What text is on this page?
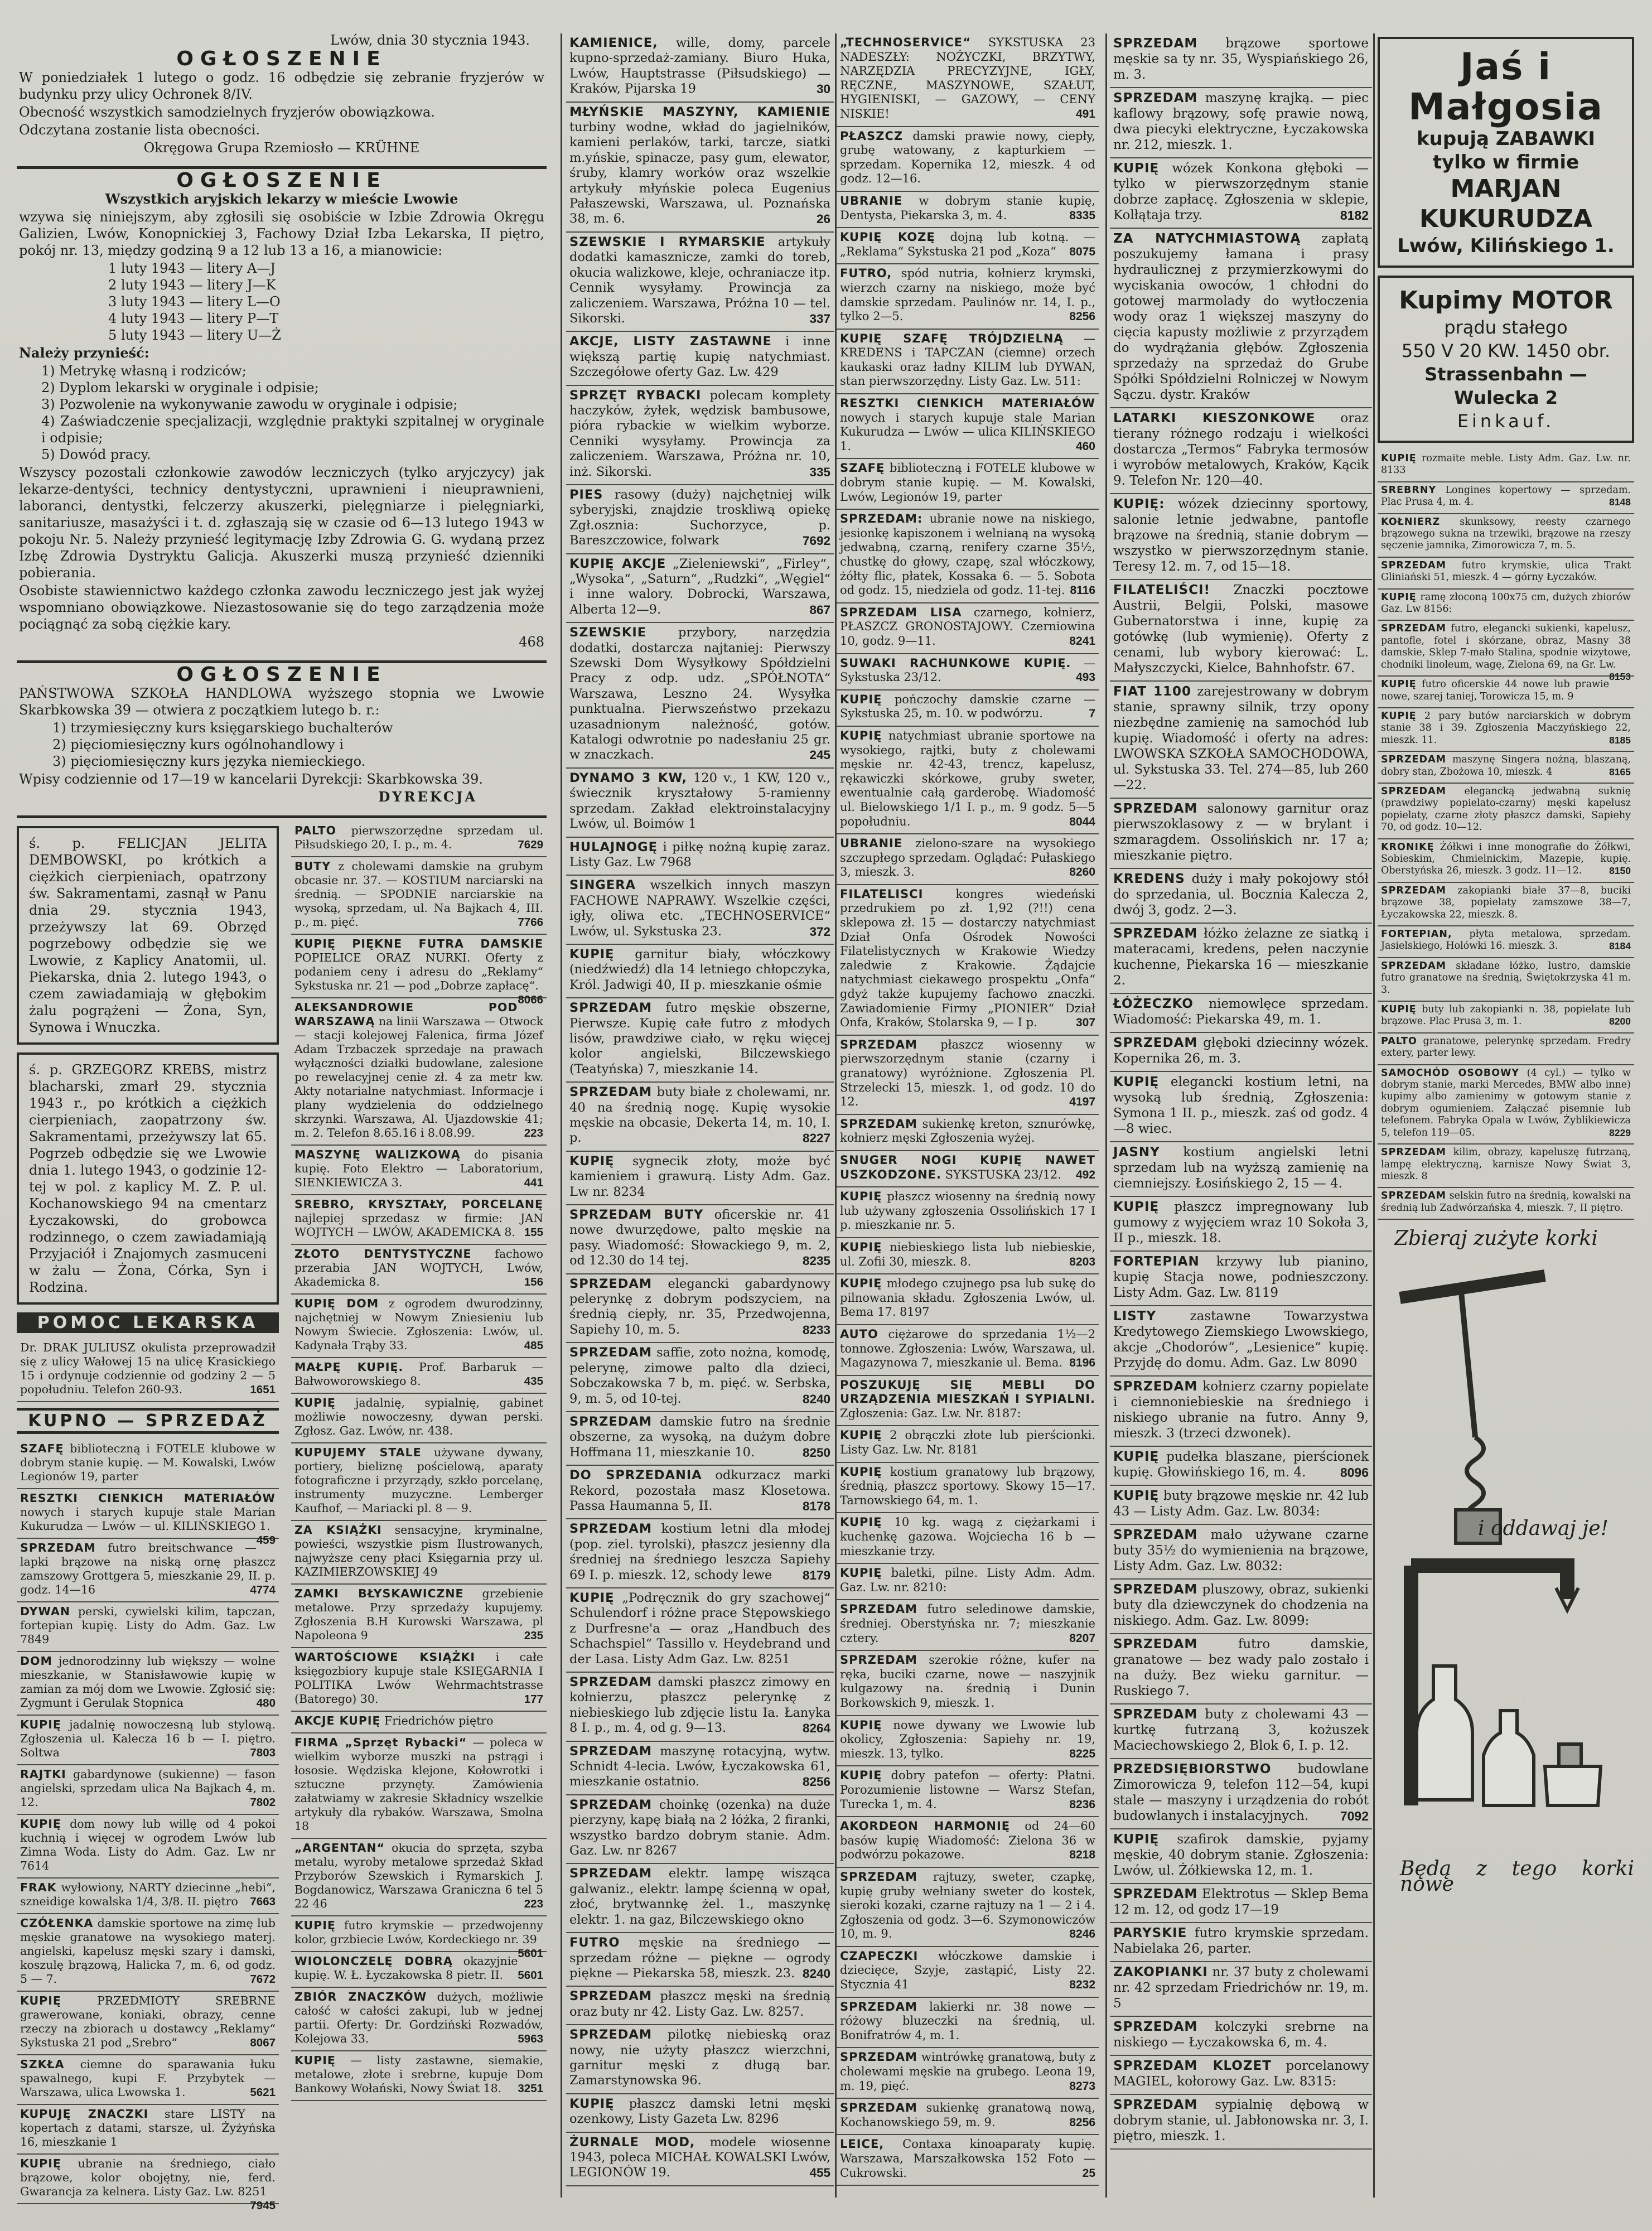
Lwów, dnia 30 stycznia 1943.
OGŁOSZENIE

W poniedziałek 1 lutego o godz. 16 odbędzie się zebranie fryzjerów w budynku przy ulicy Ochronek 8/IV.

Obecność wszystkich samodzielnych fryzjerów obowiązkowa.

Odczytana zostanie lista obecności.

Okręgowa Grupa Rzemiosło — KRÜHNE

OGŁOSZENIE

Wszystkich aryjskich lekarzy w mieście Lwowie

wzywa się niniejszym, aby zgłosili się osobiście w Izbie Zdrowia Okręgu Galizien, Lwów, Konopnickiej 3, Fachowy Dział Izba Lekarska, II piętro, pokój nr. 13, między godziną 9 a 12 lub 13 a 16, a mianowicie:

1 luty 1943 — litery A—J
2 luty 1943 — litery J—K
3 luty 1943 — litery L—O
4 luty 1943 — litery P—T
5 luty 1943 — litery U—Ż

Należy przynieść:

1) Metrykę własną i rodziców;
2) Dyplom lekarski w oryginale i odpisie;
3) Pozwolenie na wykonywanie zawodu w oryginale i odpisie;
4) Zaświadczenie specjalizacji, względnie praktyki szpitalnej w oryginale i odpisie;
5) Dowód pracy.

Wszyscy pozostali członkowie zawodów leczniczych (tylko aryjczycy) jak lekarze-dentyści, technicy dentystyczni, uprawnieni i nieuprawnieni, laboranci, dentystki, felczerzy akuszerki, pielęgniarze i pielęgniarki, sanitariusze, masażyści i t. d. zgłaszają się w czasie od 6—13 lutego 1943 w pokoju Nr. 5. Należy przynieść legitymację Izby Zdrowia G. G. wydaną przez Izbę Zdrowia Dystryktu Galicja. Akuszerki muszą przynieść dzienniki pobierania.

Osobiste stawiennictwo każdego członka zawodu leczniczego jest jak wyżej wspomniano obowiązkowe. Niezastosowanie się do tego zarządzenia może pociągnąć za sobą ciężkie kary.

468

OGŁOSZENIE

PAŃSTWOWA SZKOŁA HANDLOWA wyższego stopnia we Lwowie Skarbkowska 39 — otwiera z początkiem lutego b. r.:

1) trzymiesięczny kurs księgarskiego buchalterów
2) pięciomiesięczny kurs ogólnohandlowy i
3) pięciomiesięczny kurs języka niemieckiego.

Wpisy codziennie od 17—19 w kancelarii Dyrekcji: Skarbkowska 39.

DYREKCJA

ś. p. FELICJAN JELITA DEMBOWSKI, po krótkich a ciężkich cierpieniach, opatrzony św. Sakramentami, zasnął w Panu dnia 29. stycznia 1943, przeżywszy lat 69. Obrzęd pogrzebowy odbędzie się we Lwowie, z Kaplicy Anatomii, ul. Piekarska, dnia 2. lutego 1943, o czem zawiadamiają w głębokim żalu pogrążeni — Żona, Syn, Synowa i Wnuczka.
ś. p. GRZEGORZ KREBS, mistrz blacharski, zmarł 29. stycznia 1943 r., po krótkich a ciężkich cierpieniach, zaopatrzony św. Sakramentami, przeżywszy lat 65. Pogrzeb odbędzie się we Lwowie dnia 1. lutego 1943, o godzinie 12-tej w pol. z kaplicy M. Z. P. ul. Kochanowskiego 94 na cmentarz Łyczakowski, do grobowca rodzinnego, o czem zawiadamiają Przyjaciół i Znajomych zasmuceni w żalu — Żona, Córka, Syn i Rodzina.
POMOC LEKARSKA
Dr. DRAK JULIUSZ okulista przeprowadził się z ulicy Wałowej 15 na ulicę Krasickiego 15 i ordynuje codziennie od godziny 2 — 5 popołudniu. Telefon 260-93.	1651
KUPNO — SPRZEDAŻ
SZAFĘ biblioteczną i FOTELE klubowe w dobrym stanie kupię. — M. Kowalski, Lwów Legionów 19, parter
RESZTKI CIENKICH MATERIAŁÓW nowych i starych kupuje stale Marian Kukurudza — Lwów — ul. KILIŃSKIEGO 1.
459
SPRZEDAM futro breitschwance — lapki brązowe na niską ornę płaszcz zamszowy Grottgera 5, mieszkanie 29, II. p. godz. 14—16	4774
DYWAN perski, cywielski kilim, tapczan, fortepian kupię. Listy do Adm. Gaz. Lw 7849
DOM jednorodzinny lub większy — wolne mieszkanie, w Stanisławowie kupię w zamian za mój dom we Lwowie. Zgłosić się: Zygmunt i Gerulak Stopnica	480
KUPIĘ jadalnię nowoczesną lub stylową. Zgłoszenia ul. Kalecza 16 b — I. piętro. Soltwa	7803
RAJTKI gabardynowe (sukienne) — fason angielski, sprzedam ulica Na Bajkach 4, m. 12.	7802
KUPIĘ dom nowy lub willę od 4 pokoi kuchnią i więcej w ogrodem Lwów lub Zimna Woda. Listy do Adm. Gaz. Lw nr 7614
FRAK wyłowiony, NARTY dziecinne „hebi“, szneidige kowalska 1/4, 3/8. II. piętro 7663
CZÓŁENKA damskie sportowe na zimę lub męskie granatowe na wysokiego materj. angielski, kapelusz męski szary i damski, koszulę brązową, Halicka 7, m. 6, od godz. 5 — 7.	7672
KUPIĘ PRZEDMIOTY SREBRNE grawerowane, koniaki, obrazy, cenne rzeczy na zbiorach u dostawcy „Reklamy“ Sykstuska 21 pod „Srebro“	8067
SZKŁA ciemne do sparawania łuku spawalnego, kupi F. Przybytek — Warszawa, ulica Lwowska 1.	5621
KUPUJĘ ZNACZKI stare LISTY na kopertach z datami, starsze, ul. Żyżyńska 16, mieszkanie 1
KUPIĘ ubranie na średniego, ciało brązowe, kolor obojętny, nie, ferd. Gwarancja za kelnera. Listy Gaz. Lw. 8251
7945
PALTO pierwszorzędne sprzedam ul. Piłsudskiego 20, I. p., m. 4.	7629
BUTY z cholewami damskie na grubym obcasie nr. 37. — KOSTIUM narciarski na średnią. — SPODNIE narciarskie na wysoką, sprzedam, ul. Na Bajkach 4, III. p., m. pięć.	7766
KUPIĘ PIĘKNE FUTRA DAMSKIE POPIELICE ORAZ NURKI. Oferty z podaniem ceny i adresu do „Reklamy“ Sykstuska nr. 21 — pod „Dobrze zapłacę“.
8066
ALEKSANDROWIE POD WARSZAWĄ na linii Warszawa — Otwock — stacji kolejowej Falenica, firma Józef Adam Trzbaczek sprzedaje na prawach wyłączności działki budowlane, zalesione po rewelacyjnej cenie zł. 4 za metr kw. Akty notarialne natychmiast. Informacje i plany wydzielenia do oddzielnego skrzynki. Warszawa, Al. Ujazdowskie 41; m. 2. Telefon 8.65.16 i 8.08.99.	223
MASZYNĘ WALIZKOWĄ do pisania kupię. Foto Elektro — Laboratorium, SIENKIEWICZA 3.	441
SREBRO, KRYSZTAŁY, PORCELANĘ najlepiej sprzedasz w firmie: JAN WOJTYCH — LWÓW, AKADEMICKA 8. 155
ZŁOTO DENTYSTYCZNE fachowo przerabia JAN WOJTYCH, Lwów, Akademicka 8.	156
KUPIĘ DOM z ogrodem dwurodzinny, najchętniej w Nowym Zniesieniu lub Nowym Świecie. Zgłoszenia: Lwów, ul. Kadynała Trąby 33.	485
MAŁPĘ KUPIĘ. Prof. Barbaruk — Bałwoworowskiego 8.	435
KUPIĘ jadalnię, sypialnię, gabinet możliwie nowoczesny, dywan perski. Zgłosz. Gaz. Lwów, nr. 438.
KUPUJEMY STALE używane dywany, portiery, bieliznę pościelową, aparaty fotograficzne i przyrządy, szkło porcelanę, instrumenty muzyczne. Lemberger Kaufhof, — Mariacki pl. 8 — 9.
ZA KSIĄŻKI sensacyjne, kryminalne, powieści, wszystkie pism Ilustrowanych, najwyższe ceny płaci Księgarnia przy ul. KAZIMIERZOWSKIEJ 49
ZAMKI BŁYSKAWICZNE grzebienie metalowe. Przy sprzedaży kupujemy. Zgłoszenia B.H Kurowski Warszawa, pl Napoleona 9	235
WARTOŚCIOWE KSIĄŻKI i całe księgozbiory kupuje stale KSIĘGARNIA I POLITIKA Lwów Wehrmachtstrasse (Batorego) 30.	177
AKCJE KUPIĘ Friedrichów piętro
FIRMA „Sprzęt Rybacki“ — poleca w wielkim wyborze muszki na pstrągi i łososie. Wędziska klejone, Kołowrotki i sztuczne przynęty. Zamówienia załatwiamy w zakresie Składnicy wszelkie artykuły dla rybaków. Warszawa, Smolna 18
„ARGENTAN“ okucia do sprzęta, szyba metalu, wyroby metalowe sprzedaż Skład Przyborów Szewskich i Rymarskich J. Bogdanowicz, Warszawa Graniczna 6 tel 5 22 46	223
KUPIĘ futro krymskie — przedwojenny kolor, grzbiecie Lwów, Kordeckiego nr. 39
5601
WIOLONCZELĘ DOBRĄ okazyjnie kupię. W. Ł. Łyczakowska 8 pietr. II. 5601
ZBIÓR ZNACZKÓW dużych, możliwie całość w całości zakupi, lub w jednej partii. Oferty: Dr. Gordziński Rozwadów, Kolejowa 33.	5963
KUPIĘ — listy zastawne, siemakie, metalowe, złote i srebrne, kupuje Dom Bankowy Wołański, Nowy Świat 18. 3251
KAMIENICE, wille, domy, parcele kupno-sprzedaż-zamiany. Biuro Huka, Lwów, Hauptstrasse (Piłsudskiego) — Kraków, Pijarska 19	30
MŁYŃSKIE MASZYNY, KAMIENIE turbiny wodne, wkład do jagielników, kamieni perlaków, tarki, tarcze, siatki m.yńskie, spinacze, pasy gum, elewator, śruby, klamry worków oraz wszelkie artykuły młyńskie poleca Eugenius Pałaszewski, Warszawa, ul. Poznańska 38, m. 6.	26
SZEWSKIE I RYMARSKIE artykuły dodatki kamasznicze, zamki do toreb, okucia walizkowe, kleje, ochraniacze itp. Cennik wysyłamy. Prowincja za zaliczeniem. Warszawa, Próżna 10 — tel. Sikorski.	337
AKCJE, LISTY ZASTAWNE i inne większą partię kupię natychmiast. Szczegółowe oferty Gaz. Lw. 429
SPRZĘT RYBACKI polecam komplety haczyków, żyłek, wędzisk bambusowe, pióra rybackie w wielkim wyborze. Cenniki wysyłamy. Prowincja za zaliczeniem. Warszawa, Próżna nr. 10, inż. Sikorski.	335
PIES rasowy (duży) najchętniej wilk syberyjski, znajdzie troskliwą opiekę Zgł.osznia: Suchorzyce, p. Bareszczowice, folwark	7692
KUPIĘ AKCJE „Zieleniewski“, „Firley“, „Wysoka“, „Saturn“, „Rudzki“, „Węgiel“ i inne walory. Dobrocki, Warszawa, Alberta 12—9.	867
SZEWSKIE przybory, narzędzia dodatki, dostarcza najtaniej: Pierwszy Szewski Dom Wysyłkowy Spółdzielni Pracy z odp. udz. „SPÓŁNOTA“ Warszawa, Leszno 24. Wysyłka punktualna. Pierwszeństwo przekazu uzasadnionym należność, gotów. Katalogi odwrotnie po nadesłaniu 25 gr. w znaczkach.	245
DYNAMO 3 KW, 120 v., 1 KW, 120 v., świecznik kryształowy 5-ramienny sprzedam. Zakład elektroinstalacyjny Lwów, ul. Boimów 1
HULAJNOGĘ i piłkę nożną kupię zaraz. Listy Gaz. Lw 7968
SINGERA wszelkich innych maszyn FACHOWE NAPRAWY. Wszelkie części, igły, oliwa etc. „TECHNOSERVICE“ Lwów, ul. Sykstuska 23.	372
KUPIĘ garnitur biały, włóczkowy (niedźwiedź) dla 14 letniego chłopczyka, Król. Jadwigi 40, II p. mieszkanie ośmie
SPRZEDAM futro męskie obszerne, Pierwsze. Kupię całe futro z młodych lisów, prawdziwe ciało, w ręku więcej kolor angielski, Bilczewskiego (Teatyńska) 7, mieszkanie 14.
SPRZEDAM buty białe z cholewami, nr. 40 na średnią nogę. Kupię wysokie męskie na obcasie, Dekerta 14, m. 10, I. p.	8227
KUPIĘ sygnecik złoty, może być kamieniem i grawurą. Listy Adm. Gaz. Lw nr. 8234
SPRZEDAM BUTY oficerskie nr. 41 nowe dwurzędowe, palto męskie na pasy. Wiadomość: Słowackiego 9, m. 2, od 12.30 do 14 tej.	8235
SPRZEDAM elegancki gabardynowy pelerynkę z dobrym podszyciem, na średnią ciepły, nr. 35, Przedwojenna, Sapiehy 10, m. 5.	8233
SPRZEDAM saffie, zoto nożna, komodę, pelerynę, zimowe palto dla dzieci, Sobczakowska 7 b, m. pięć. w. Serbska, 9, m. 5, od 10-tej.	8240
SPRZEDAM damskie futro na średnie obszerne, za wysoką, na dużym dobre Hoffmana 11, mieszkanie 10.	8250
DO SPRZEDANIA odkurzacz marki Rekord, pozostała masz Klosetowa. Passa Haumanna 5, II.	8178
SPRZEDAM kostium letni dla młodej (pop. ziel. tyrolski), płaszcz jesienny dla średniej na średniego leszcza Sapiehy 69 I. p. mieszk. 12, schody lewe 8179
KUPIĘ „Podręcznik do gry szachowej“ Schulendorf i różne prace Stępowskiego z Durfresne'a — oraz „Handbuch des Schachspiel“ Tassillo v. Heydebrand und der Lasa. Listy Adm Gaz. Lw. 8251
SPRZEDAM damski płaszcz zimowy en kołnierzu, płaszcz pelerynkę z niebieskiego lub zdjęcie listu Ia. Łanyka 8 I. p., m. 4, od g. 9—13.	8264
SPRZEDAM maszynę rotacyjną, wytw. Schnidt 4-lecia. Lwów, Łyczakowska 61, mieszkanie ostatnio.	8256
SPRZEDAM choinkę (ozenka) na duże pierzyny, kapę białą na 2 łóżka, 2 firanki, wszystko bardzo dobrym stanie. Adm. Gaz. Lw. nr 8267
SPRZEDAM elektr. lampę wisząca galwaniz., elektr. lampę ścienną w opał, złoć, brytwannkę żel. 1., maszynkę elektr. 1. na gaz, Bilczewskiego okno
FUTRO męskie na średniego — sprzedam różne — piękne — ogrody piękne — Piekarska 58, mieszk. 23. 8240
SPRZEDAM płaszcz męski na średnią oraz buty nr 42. Listy Gaz. Lw. 8257.
SPRZEDAM pilotkę niebieską oraz nowy, nie użyty płaszcz wierzchni, garnitur męski z długą bar. Zamarstynowska 96.
KUPIĘ płaszcz damski letni męski ozenkowy, Listy Gazeta Lw. 8296
ŻURNALE MOD, modele wiosenne 1943, poleca MICHAŁ KOWALSKI Lwów, LEGIONÓW 19.	455
„TECHNOSERVICE“ SYKSTUSKA 23 NADESZŁY: NOŻYCZKI, BRZYTWY, NARZĘDZIA PRECYZYJNE, IGŁY, RĘCZNE, MASZYNOWE, SZAŁUT, HYGIENISKI, — GAZOWY, — CENY NISKIE!	491
PŁASZCZ damski prawie nowy, ciepły, grubę watowany, z kapturkiem — sprzedam. Kopernika 12, mieszk. 4 od godz. 12—16.
UBRANIE w dobrym stanie kupię, Dentysta, Piekarska 3, m. 4.	8335
KUPIĘ KOZĘ dojną lub kotną. — „Reklama“ Sykstuska 21 pod „Koza“ 8075
FUTRO, spód nutria, kołnierz krymski, wierzch czarny na niskiego, może być damskie sprzedam. Paulinów nr. 14, I. p., tylko 2—5.	8256
KUPIĘ SZAFĘ TRÓJDZIELNĄ — KREDENS i TAPCZAN (ciemne) orzech kaukaski oraz ładny KILIM lub DYWAN, stan pierwszorzędny. Listy Gaz. Lw. 511:
RESZTKI CIENKICH MATERIAŁÓW nowych i starych kupuje stale Marian Kukurudza — Lwów — ulica KILIŃSKIEGO 1.	460
SZAFĘ biblioteczną i FOTELE klubowe w dobrym stanie kupię. — M. Kowalski, Lwów, Legionów 19, parter
SPRZEDAM: ubranie nowe na niskiego, jesionkę kapiszonem i welnianą na wysoką jedwabną, czarną, renifery czarne 35½, chustkę do głowy, czapę, szal włóczkowy, żółty flic, płatek, Kossaka 6. — 5. Sobota od godz. 15, niedziela od godz. 11-tej. 8116
SPRZEDAM LISA czarnego, kołnierz, PŁASZCZ GRONOSTAJOWY. Czerniowina 10, godz. 9—11.	8241
SUWAKI RACHUNKOWE KUPIĘ. — Sykstuska 23/12.	493
KUPIĘ pończochy damskie czarne — Sykstuska 25, m. 10. w podwórzu.	7
KUPIĘ natychmiast ubranie sportowe na wysokiego, rajtki, buty z cholewami męskie nr. 42-43, trencz, kapelusz, rękawiczki skórkowe, gruby sweter, ewentualnie całą garderobę. Wiadomość ul. Bielowskiego 1/1 I. p., m. 9 godz. 5—5 popołudniu.	8044
UBRANIE zielono-szare na wysokiego szczupłego sprzedam. Oglądać: Pułaskiego 3, mieszk. 3.	8260
FILATELISCI kongres wiedeński przedrukiem po zł. 1,92 (?!!) cena sklepowa zł. 15 — dostarczy natychmiast Dział Onfa Ośrodek Nowości Filatelistycznych w Krakowie Wiedzy zaledwie z Krakowie. Żądajcie natychmiast ciekawego prospektu „Onfa“ gdyż także kupujemy fachowo znaczki. Zawiadomienie Firmy „PIONIER“ Dział Onfa, Kraków, Stolarska 9, — I p.	307
SPRZEDAM płaszcz wiosenny w pierwszorzędnym stanie (czarny i granatowy) wyróżnione. Zgłoszenia Pl. Strzelecki 15, mieszk. 1, od godz. 10 do 12.	4197
SPRZEDAM sukienkę kreton, sznurówkę, kołnierz męski Zgłoszenia wyżej.
SNUGER NOGI KUPIĘ NAWET USZKODZONE. SYKSTUSKA 23/12. 492
KUPIĘ płaszcz wiosenny na średnią nowy lub używany zgłoszenia Ossolińskich 17 I p. mieszkanie nr. 5.
KUPIĘ niebieskiego lista lub niebieskie, ul. Zofii 30, mieszk. 8.	8203
KUPIĘ młodego czujnego psa lub sukę do pilnowania składu. Zgłoszenia Lwów, ul. Bema 17. 8197
AUTO ciężarowe do sprzedania 1½—2 tonnowe. Zgłoszenia: Lwów, Warszawa, ul. Magazynowa 7, mieszkanie ul. Bema. 8196
POSZUKUJĘ SIĘ MEBLI DO URZĄDZENIA MIESZKAŃ I SYPIALNI. Zgłoszenia: Gaz. Lw. Nr. 8187:
KUPIĘ 2 obrączki złote lub pierścionki. Listy Gaz. Lw. Nr. 8181
KUPIĘ kostium granatowy lub brązowy, średnią, płaszcz sportowy. Skowy 15—17. Tarnowskiego 64, m. 1.
KUPIĘ 10 kg. wagą z ciężarkami i kuchenkę gazowa. Wojciecha 16 b — mieszkanie trzy.
KUPIĘ baletki, pilne. Listy Adm. Adm. Gaz. Lw. nr. 8210:
SPRZEDAM futro seledinowe damskie, średniej. Oberstyńska nr. 7; mieszkanie cztery.	8207
SPRZEDAM szerokie różne, kufer na ręka, buciki czarne, nowe — naszyjnik kulgazowy na. średnią i Dunin Borkowskich 9, mieszk. 1.
KUPIĘ nowe dywany we Lwowie lub okolicy, Zgłoszenia: Sapiehy nr. 19, mieszk. 13, tylko.	8225
KUPIĘ dobry patefon — oferty: Płatni. Porozumienie listowne — Warsz Stefan, Turecka 1, m. 4.	8236
AKORDEON HARMONIĘ od 24—60 basów kupię Wiadomość: Zielona 36 w podwórzu pokazowe.	8218
SPRZEDAM rajtuzy, sweter, czapkę, kupię gruby wełniany sweter do kostek, sieroki kozaki, czarne rajtuzy na 1 — 2 i 4. Zgłoszenia od godz. 3—6. Szymonowiczów 10, m. 9.	8246
CZAPECZKI włóczkowe damskie i dziecięce, Szyje, zastąpić, Listy 22. Stycznia 41	8232
SPRZEDAM lakierki nr. 38 nowe — różowy bluzeczki na średnią, ul. Bonifratrów 4, m. 1.
SPRZEDAM wintrówkę granatową, buty z cholewami męskie na grubego. Leona 19, m. 19, pięć.	8273
SPRZEDAM sukienkę granatową nową, Kochanowskiego 59, m. 9.	8256
LEICE, Contaxa kinoaparaty kupię. Warszawa, Marszałkowska 152 Foto — Cukrowski.	25
SPRZEDAM brązowe sportowe męskie sa ty nr. 35, Wyspiańskiego 26, m. 3.
SPRZEDAM maszynę krajką. — piec kaflowy brązowy, sofę prawie nową, dwa piecyki elektryczne, Łyczakowska nr. 212, mieszk. 1.
KUPIĘ wózek Konkona głęboki — tylko w pierwszorzędnym stanie dobrze zapłacę. Zgłoszenia w sklepie, Kolłątaja trzy.	8182
ZA NATYCHMIASTOWĄ zapłatą poszukujemy łamana i prasy hydraulicznej z przymierzkowymi do wyciskania owoców, 1 chłodni do gotowej marmolady do wytłoczenia wody oraz 1 większej maszyny do cięcia kapusty możliwie z przyrządem do wydrążania głębów. Zgłoszenia sprzedaży na sprzedaż do Grube Spółki Spółdzielni Rolniczej w Nowym Sączu. dystr. Kraków
LATARKI KIESZONKOWE oraz tierany różnego rodzaju i wielkości dostarcza „Termos“ Fabryka termosów i wyrobów metalowych, Kraków, Kącik 9. Telefon Nr. 120—40.
KUPIĘ: wózek dziecinny sportowy, salonie letnie jedwabne, pantofle brązowe na średnią, stanie dobrym — wszystko w pierwszorzędnym stanie. Teresy 12. m. 7, od 15—18.
FILATELIŚCI! Znaczki pocztowe Austrii, Belgii, Polski, masowe Gubernatorstwa i inne, kupię za gotówkę (lub wymienię). Oferty z cenami, lub wybory kierować: L. Małyszczycki, Kielce, Bahnhofstr. 67.
FIAT 1100 zarejestrowany w dobrym stanie, sprawny silnik, trzy opony niezbędne zamienię na samochód lub kupię. Wiadomość i oferty na adres: LWOWSKA SZKOŁA SAMOCHODOWA, ul. Sykstuska 33. Tel. 274—85, lub 260—22.
SPRZEDAM salonowy garnitur oraz pierwszoklasowy z — w brylant i szmaragdem. Ossolińskich nr. 17 a; mieszkanie piętro.
KREDENS duży i mały pokojowy stół do sprzedania, ul. Bocznia Kalecza 2, dwój 3, godz. 2—3.
SPRZEDAM łóżko żelazne ze siatką i materacami, kredens, pełen naczynie kuchenne, Piekarska 16 — mieszkanie 2.
ŁÓŻECZKO niemowlęce sprzedam. Wiadomość: Piekarska 49, m. 1.
SPRZEDAM głęboki dziecinny wózek. Kopernika 26, m. 3.
KUPIĘ elegancki kostium letni, na wysoką lub średnią, Zgłoszenia: Symona 1 II. p., mieszk. zaś od godz. 4—8 wiec.
JASNY kostium angielski letni sprzedam lub na wyższą zamienię na ciemniejszy. Łosińskiego 2, 15 — 4.
KUPIĘ płaszcz impregnowany lub gumowy z wyjęciem wraz 10 Sokoła 3, II p., mieszk. 18.
FORTEPIAN krzywy lub pianino, kupię Stacja nowe, podnieszczony. Listy Adm. Gaz. Lw. 8119
LISTY zastawne Towarzystwa Kredytowego Ziemskiego Lwowskiego, akcje „Chodorów“, „Lesienice“ kupię. Przyjdę do domu. Adm. Gaz. Lw 8090
SPRZEDAM kołnierz czarny popielate i ciemnoniebieskie na średniego i niskiego ubranie na futro. Anny 9, mieszk. 3 (trzeci dzwonek).
KUPIĘ pudełka blaszane, pierścionek kupię. Głowińskiego 16, m. 4.	8096
KUPIĘ buty brązowe męskie nr. 42 lub 43 — Listy Adm. Gaz. Lw. 8034:
SPRZEDAM mało używane czarne buty 35½ do wymienienia na brązowe, Listy Adm. Gaz. Lw. 8032:
SPRZEDAM pluszowy, obraz, sukienki buty dla dziewczynek do chodzenia na niskiego. Adm. Gaz. Lw. 8099:
SPRZEDAM futro damskie, granatowe — bez wady palo zostało i na duży. Bez wieku garnitur. — Ruskiego 7.
SPRZEDAM buty z cholewami 43 — kurtkę futrzaną 3, kożuszek Maciechowskiego 2, Blok 6, I. p. 12.
PRZEDSIĘBIORSTWO budowlane Zimorowicza 9, telefon 112—54, kupi stale — maszyny i urządzenia do robót budowlanych i instalacyjnych. 7092
KUPIĘ szafirok damskie, pyjamy męskie, 40 dobrym stanie. Zgłoszenia: Lwów, ul. Żółkiewska 12, m. 1.
SPRZEDAM Elektrotus — Sklep Bema 12 m. 12, od godz 17—19
PARYSKIE futro krymskie sprzedam. Nabielaka 26, parter.
ZAKOPIANKI nr. 37 buty z cholewami nr. 42 sprzedam Friedrichów nr. 19, m. 5
SPRZEDAM kolczyki srebrne na niskiego — Łyczakowska 6, m. 4.
SPRZEDAM KLOZET porcelanowy MAGIEL, kołorowy Gaz. Lw. 8315:
SPRZEDAM sypialnię dębową w dobrym stanie, ul. Jabłonowska nr. 3, I. piętro, mieszk. 1.
Jaś i Małgosia
kupują ZABAWKI
tylko w firmie
MARJAN KUKURUDZA
Lwów, Kilińskiego 1.
Kupimy MOTOR
prądu stałego
550 V 20 KW. 1450 obr.
Strassenbahn — Wulecka 2
Einkauf.
KUPIĘ rozmaite meble. Listy Adm. Gaz. Lw. nr. 8133
SREBRNY Longines kopertowy — sprzedam. Plac Prusa 4, m. 4.	8148
KOŁNIERZ skunksowy, reesty czarnego brązowego sukna na trzewiki, brązowe na rzeszy sęczenie jamnika, Zimorowicza 7, m. 5.
SPRZEDAM futro krymskie, ulica Trakt Gliniański 51, mieszk. 4 — górny Łyczaków.
KUPIĘ ramę złoconą 100x75 cm, dużych zbiorów Gaz. Lw 8156:
SPRZEDAM futro, elegancki sukienki, kapelusz, pantofle, fotel i skórzane, obraz, Masny 38 damskie, Sklep 7-mało Stalina, spodnie wizytowe, chodniki linoleum, wagę, Zielona 69, na Gr. Lw.
8153
KUPIĘ futro oficerskie 44 nowe lub prawie nowe, szarej taniej, Torowicza 15, m. 9
KUPIĘ 2 pary butów narciarskich w dobrym stanie 38 i 39. Zgłoszenia Maczyńskiego 22, mieszk. 11.	8185
SPRZEDAM maszynę Singera nożną, blaszaną, dobry stan, Zbożowa 10, mieszk. 4	8165
SPRZEDAM elegancką jedwabną suknię (prawdziwy popielato-czarny) męski kapelusz popielaty, czarne złoty płaszcz damski, Sapiehy 70, od godz. 10—12.
KRONIKĘ Żółkwi i inne monografie do Żółkwi, Sobieskim, Chmielnickim, Mazepie, kupię. Oberstyńska 26, mieszk. 3 godz. 11—12.	8150
SPRZEDAM zakopianki białe 37—8, buciki brązowe 38, popielaty zamszowe 38—7, Łyczakowska 22, mieszk. 8.
FORTEPIAN, płyta metalowa, sprzedam. Jasielskiego, Holówki 16. mieszk. 3.	8184
SPRZEDAM składane łóżko, lustro, damskie futro granatowe na średnią, Świętokrzyska 41 m. 3.
KUPIĘ buty lub zakopianki n. 38, popielate lub brązowe. Plac Prusa 3, m. 1.	8200
PALTO granatowe, pelerynkę sprzedam. Fredry extery, parter lewy.
SAMOCHÓD OSOBOWY (4 cyl.) — tylko w dobrym stanie, marki Mercedes, BMW albo inne) kupimy albo zamienimy w gotowym stanie z dobrym ogumieniem. Załączać pisemnie lub telefonem. Fabryka Opala w Lwów, Żyblikiewicza 5, telefon 119—05.	8229
SPRZEDAM kilim, obrazy, kapeluszę futrzaną, lampę elektryczną, karnisze Nowy Świat 3, mieszk. 8
SPRZEDAM selskin futro na średnią, kowalski na średnią lub Zadwórzańska 4, mieszk. 7, II piętro.
Zbieraj zużyte korki
i oddawaj je!
Będą z tego korki nowe
